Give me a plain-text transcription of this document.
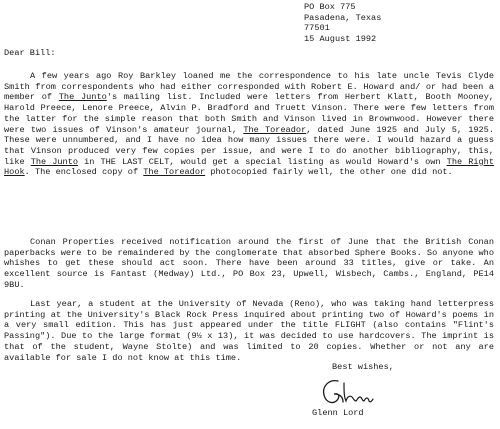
PO Box 775
Pasadena, Texas
77501
15 August 1992
Dear Bill:

A few years ago Roy Barkley loaned me the correspondence to his late uncle Tevis Clyde Smith from correspondents who had either corresponded with Robert E. Howard and/ or had been a member of The Junto's mailing list. Included were letters from Herbert Klatt, Booth Mooney, Harold Preece, Lenore Preece, Alvin P. Bradford and Truett Vinson. There were few letters from the latter for the simple reason that both Smith and Vinson lived in Brownwood. However there were two issues of Vinson's amateur journal, The Toreador, dated June 1925 and July 5, 1925. These were unnumbered, and I have no idea how many issues there were. I would hazard a guess that Vinson produced very few copies per issue, and were I to do another bibliography, this, like The Junto in THE LAST CELT, would get a special listing as would Howard's own The Right Hook. The enclosed copy of The Toreador photocopied fairly well, the other one did not.

Conan Properties received notification around the first of June that the British Conan paperbacks were to be remaindered by the conglomerate that absorbed Sphere Books. So anyone who whishes to get these should act soon. There have been around 33 titles, give or take. An excellent source is Fantast (Medway) Ltd., PO Box 23, Upwell, Wisbech, Cambs., England, PE14 9BU.

Last year, a student at the University of Nevada (Reno), who was taking hand letterpress printing at the University's Black Rock Press inquired about printing two of Howard's poems in a very small edition. This has just appeared under the title FLIGHT (also contains "Flint's Passing"). Due to the large format (9½ x 13), it was decided to use hardcovers. The imprint is that of the student, Wayne Stolte) and was limited to 20 copies. Whether or not any are available for sale I do not know at this time.

Best wishes,
Glenn Lord
